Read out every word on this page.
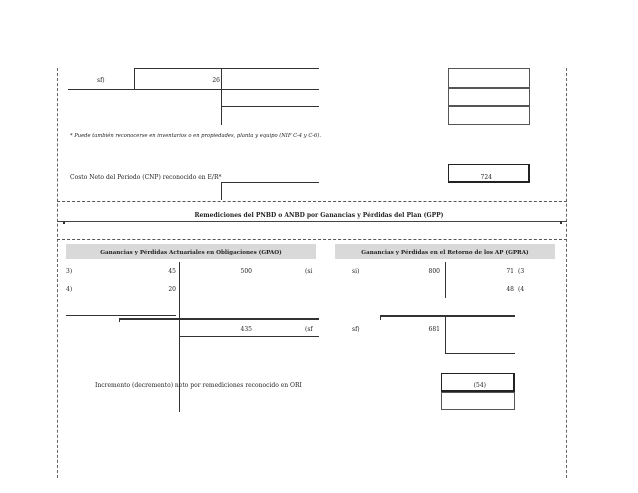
sf)	26
* Puede también reconocerse en inventarios o en propiedades, planta y equipo (NIF C-4 y C-6).
Costo Neto del Periodo (CNP) reconocido en E/R*	724
Remediciones del PNBD o ANBD por Ganancias y Pérdidas del Plan (GPP)
Ganancias y Pérdidas Actuariales en Obligaciones (GPAO)	Ganancias y Pérdidas en el Retorno de los AP (GPRA)
3)	45	500	(si
4)	20
435	(sf
si)	800	71 (3
48 (4
sf)	681
Incremento (decremento) neto por remediciones reconocido en ORI	(54)
